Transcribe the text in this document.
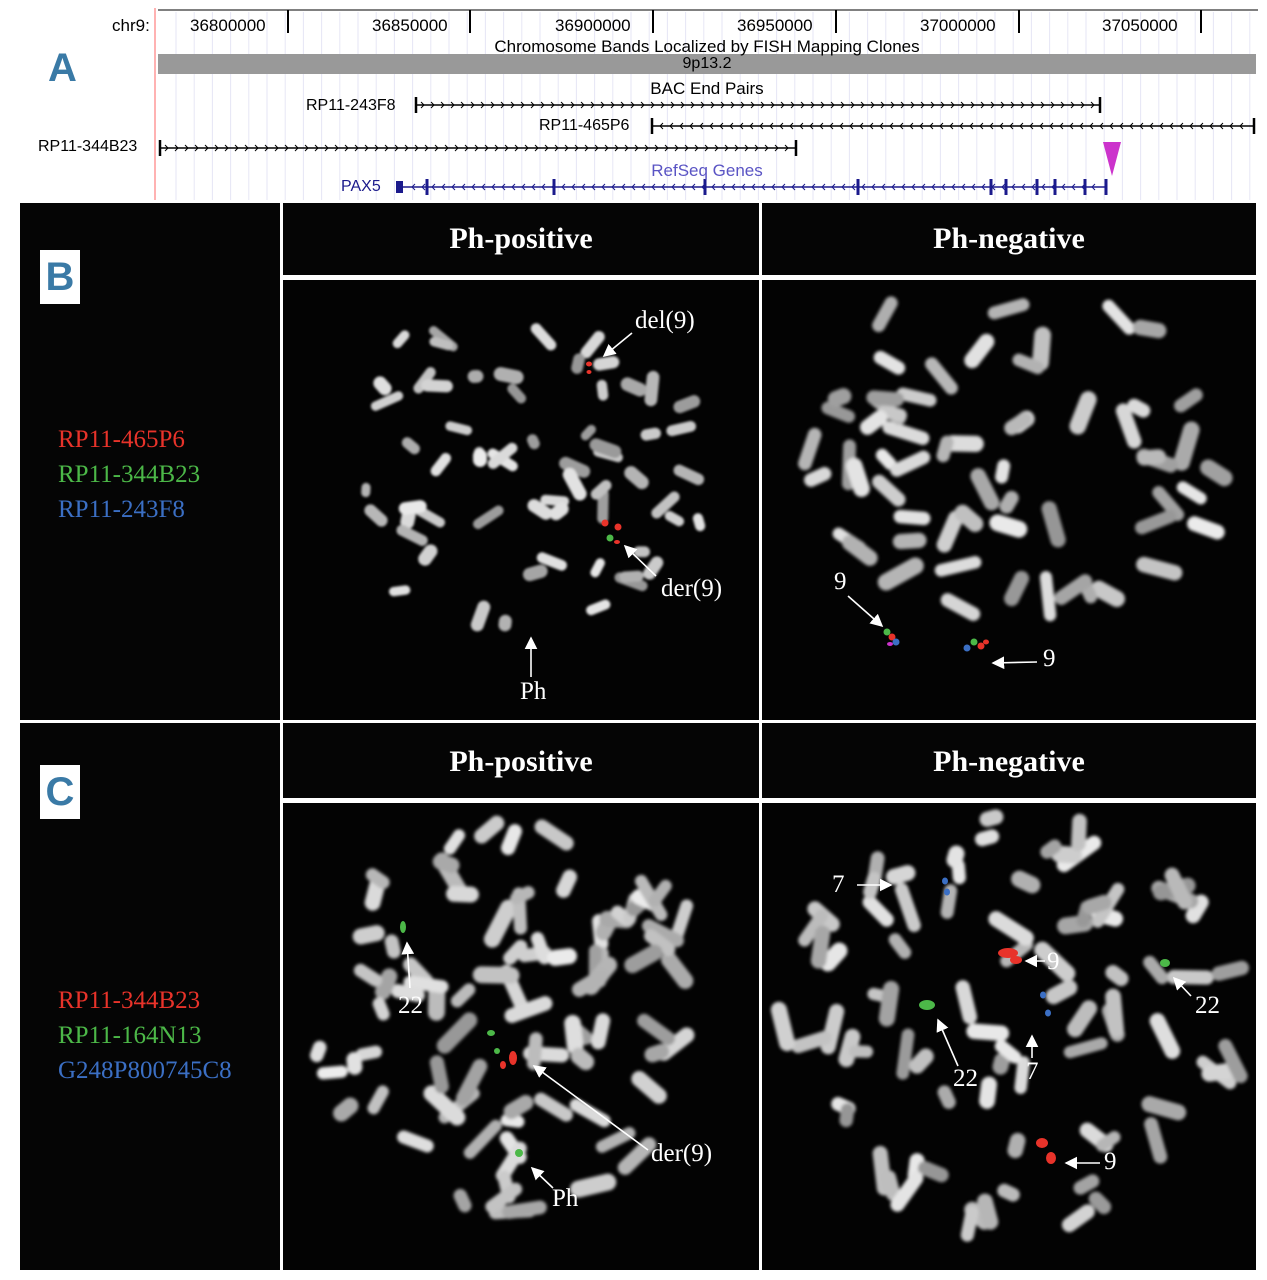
A
chr9: 36800000	36850000	36900000	36950000	37000000	37050000
Chromosome Bands Localized by FISH Mapping Clones
9p13.2
BAC End Pairs
RP11-243F8
RP11-465P6
RP11-344B23
RefSeq Genes
PAX5
B
RP11-465P6
RP11-344B23
RP11-243F8
Ph-positive	Ph-negative
del(9)
der(9)
Ph
9
9
C
RP11-344B23
RP11-164N13
G248P800745C8
Ph-positive	Ph-negative
22
der(9)
Ph
7
9
22
22 7
9
